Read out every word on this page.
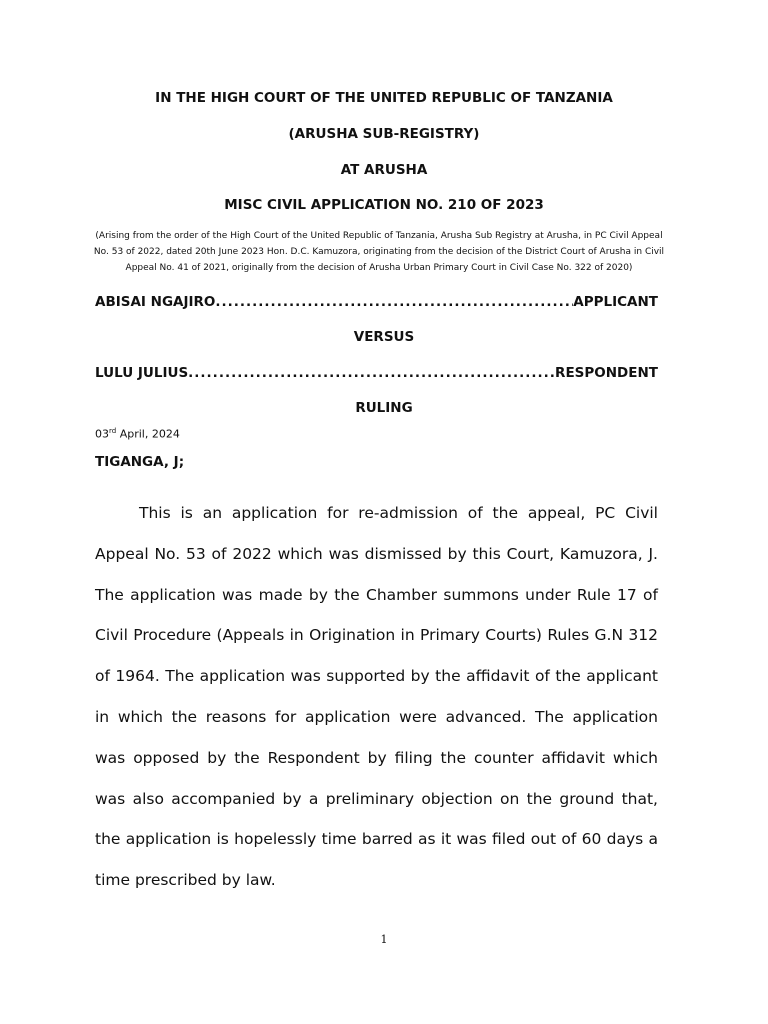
IN THE HIGH COURT OF THE UNITED REPUBLIC OF TANZANIA
(ARUSHA SUB-REGISTRY)
AT ARUSHA
MISC CIVIL APPLICATION NO. 210 OF 2023
(Arising from the order of the High Court of the United Republic of Tanzania, Arusha Sub Registry at Arusha, in PC Civil Appeal
No. 53 of 2022, dated 20th June 2023 Hon. D.C. Kamuzora, originating from the decision of the District Court of Arusha in Civil
Appeal No. 41 of 2021, originally from the decision of Arusha Urban Primary Court in Civil Case No. 322 of 2020)
ABISAI NGAJIRO .....	APPLICANT
VERSUS
LULU JULIUS .....	RESPONDENT
RULING
03rd April, 2024
TIGANGA, J;

This is an application for re-admission of the appeal, PC Civil Appeal No. 53 of 2022 which was dismissed by this Court, Kamuzora, J. The application was made by the Chamber summons under Rule 17 of Civil Procedure (Appeals in Origination in Primary Courts) Rules G.N 312 of 1964. The application was supported by the affidavit of the applicant in which the reasons for application were advanced. The application was opposed by the Respondent by filing the counter affidavit which was also accompanied by a preliminary objection on the ground that, the application is hopelessly time barred as it was filed out of 60 days a time prescribed by law.

1
